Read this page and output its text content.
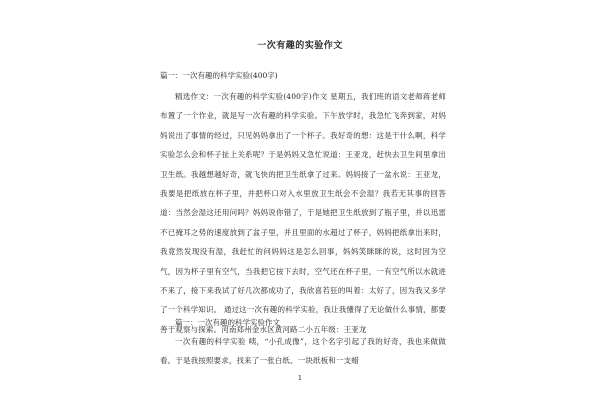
一次有趣的实验作文
篇一：一次有趣的科学实验(400字)

精选作文：一次有趣的科学实验(400字)作文 星期五，我们班的语文老师蒋老师布置了一个作业，就是写一次有趣的科学实验。下午放学时，我急忙飞奔到家，对妈妈说出了事情的经过，只见妈妈拿出了一个杯子。我好奇的想：这是干什么啊，科学实验怎么会和杯子扯上关系呢？于是妈妈又急忙说道：王亚龙，赶快去卫生间里拿出卫生纸。我越想越好奇，就飞快的把卫生纸拿了过来。妈妈接了一盆水说：王亚龙，我要是把纸放在杯子里，并把杯口对入水里放卫生纸会不会湿？我若无其事的回答道：当然会湿这还用问吗？妈妈说你错了，于是她把卫生纸放到了瓶子里，并以迅雷不已掩耳之势的速度放到了盆子里，并且里面的水超过了杯子，妈妈把纸拿出来时，我竟然发现没有湿，我赶忙的问妈妈这是怎么回事，妈妈笑眯眯的说，这时因为空气，因为杯子里有空气，当我把它按下去时，空气还在杯子里，一有空气所以水就进不来了，接下来我试了好几次都成功了，我欣喜若狂的叫着：太好了，因为我又多学了一个科学知识。 通过这一次有趣的科学实验，我让我懂得了无论做什么事情，都要善于观察与探索。河南郑州金水区黄河路二小五年级：王亚龙

篇一：一次有趣的科学实验作文

一次有趣的科学实验 咦，“小孔成像”，这个名字引起了我的好奇，我也来做做看。于是我按照要求，找来了一张白纸、一块纸板和一支蜡

1
